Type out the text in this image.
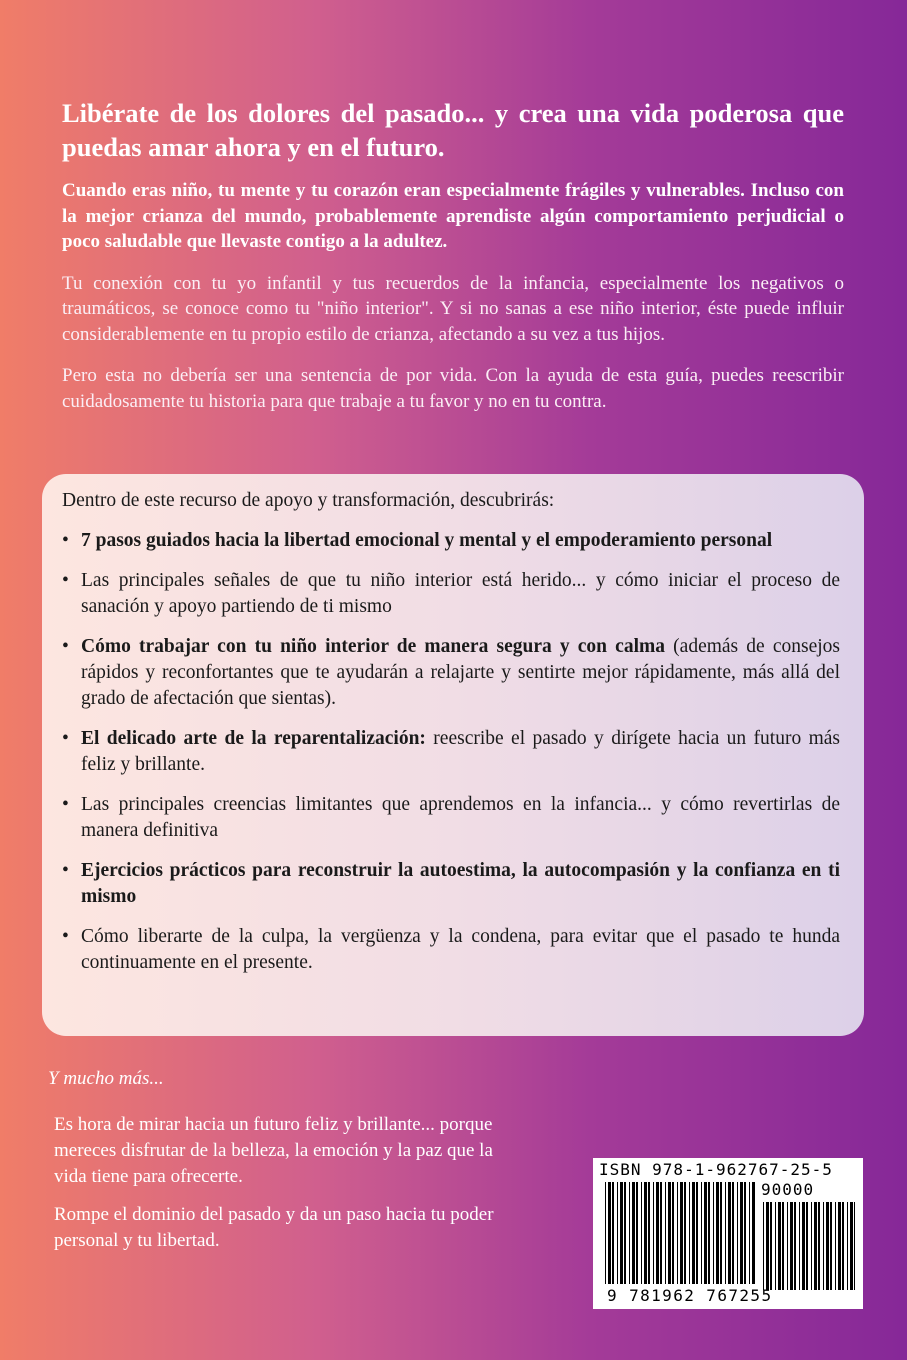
Libérate de los dolores del pasado... y crea una vida poderosa que puedas amar ahora y en el futuro.

Cuando eras niño, tu mente y tu corazón eran especialmente frágiles y vulnerables. Incluso con la mejor crianza del mundo, probablemente aprendiste algún comportamiento perjudicial o poco saludable que llevaste contigo a la adultez.

Tu conexión con tu yo infantil y tus recuerdos de la infancia, especialmente los negativos o traumáticos, se conoce como tu "niño interior". Y si no sanas a ese niño interior, éste puede influir considerablemente en tu propio estilo de crianza, afectando a su vez a tus hijos.

Pero esta no debería ser una sentencia de por vida. Con la ayuda de esta guía, puedes reescribir cuidadosamente tu historia para que trabaje a tu favor y no en tu contra.

Dentro de este recurso de apoyo y transformación, descubrirás:

• 7 pasos guiados hacia la libertad emocional y mental y el empoderamiento personal
• Las principales señales de que tu niño interior está herido... y cómo iniciar el proceso de sanación y apoyo partiendo de ti mismo
• Cómo trabajar con tu niño interior de manera segura y con calma (además de consejos rápidos y reconfortantes que te ayudarán a relajarte y sentirte mejor rápidamente, más allá del grado de afectación que sientas).
• El delicado arte de la reparentalización: reescribe el pasado y dirígete hacia un futuro más feliz y brillante.
• Las principales creencias limitantes que aprendemos en la infancia... y cómo revertirlas de manera definitiva
• Ejercicios prácticos para reconstruir la autoestima, la autocompasión y la confianza en ti mismo
• Cómo liberarte de la culpa, la vergüenza y la condena, para evitar que el pasado te hunda continuamente en el presente.
Y mucho más...

Es hora de mirar hacia un futuro feliz y brillante... porque mereces disfrutar de la belleza, la emoción y la paz que la vida tiene para ofrecerte.

Rompe el dominio del pasado y da un paso hacia tu poder personal y tu libertad.

ISBN 978-1-962767-25-5
90000
9 781962 767255
